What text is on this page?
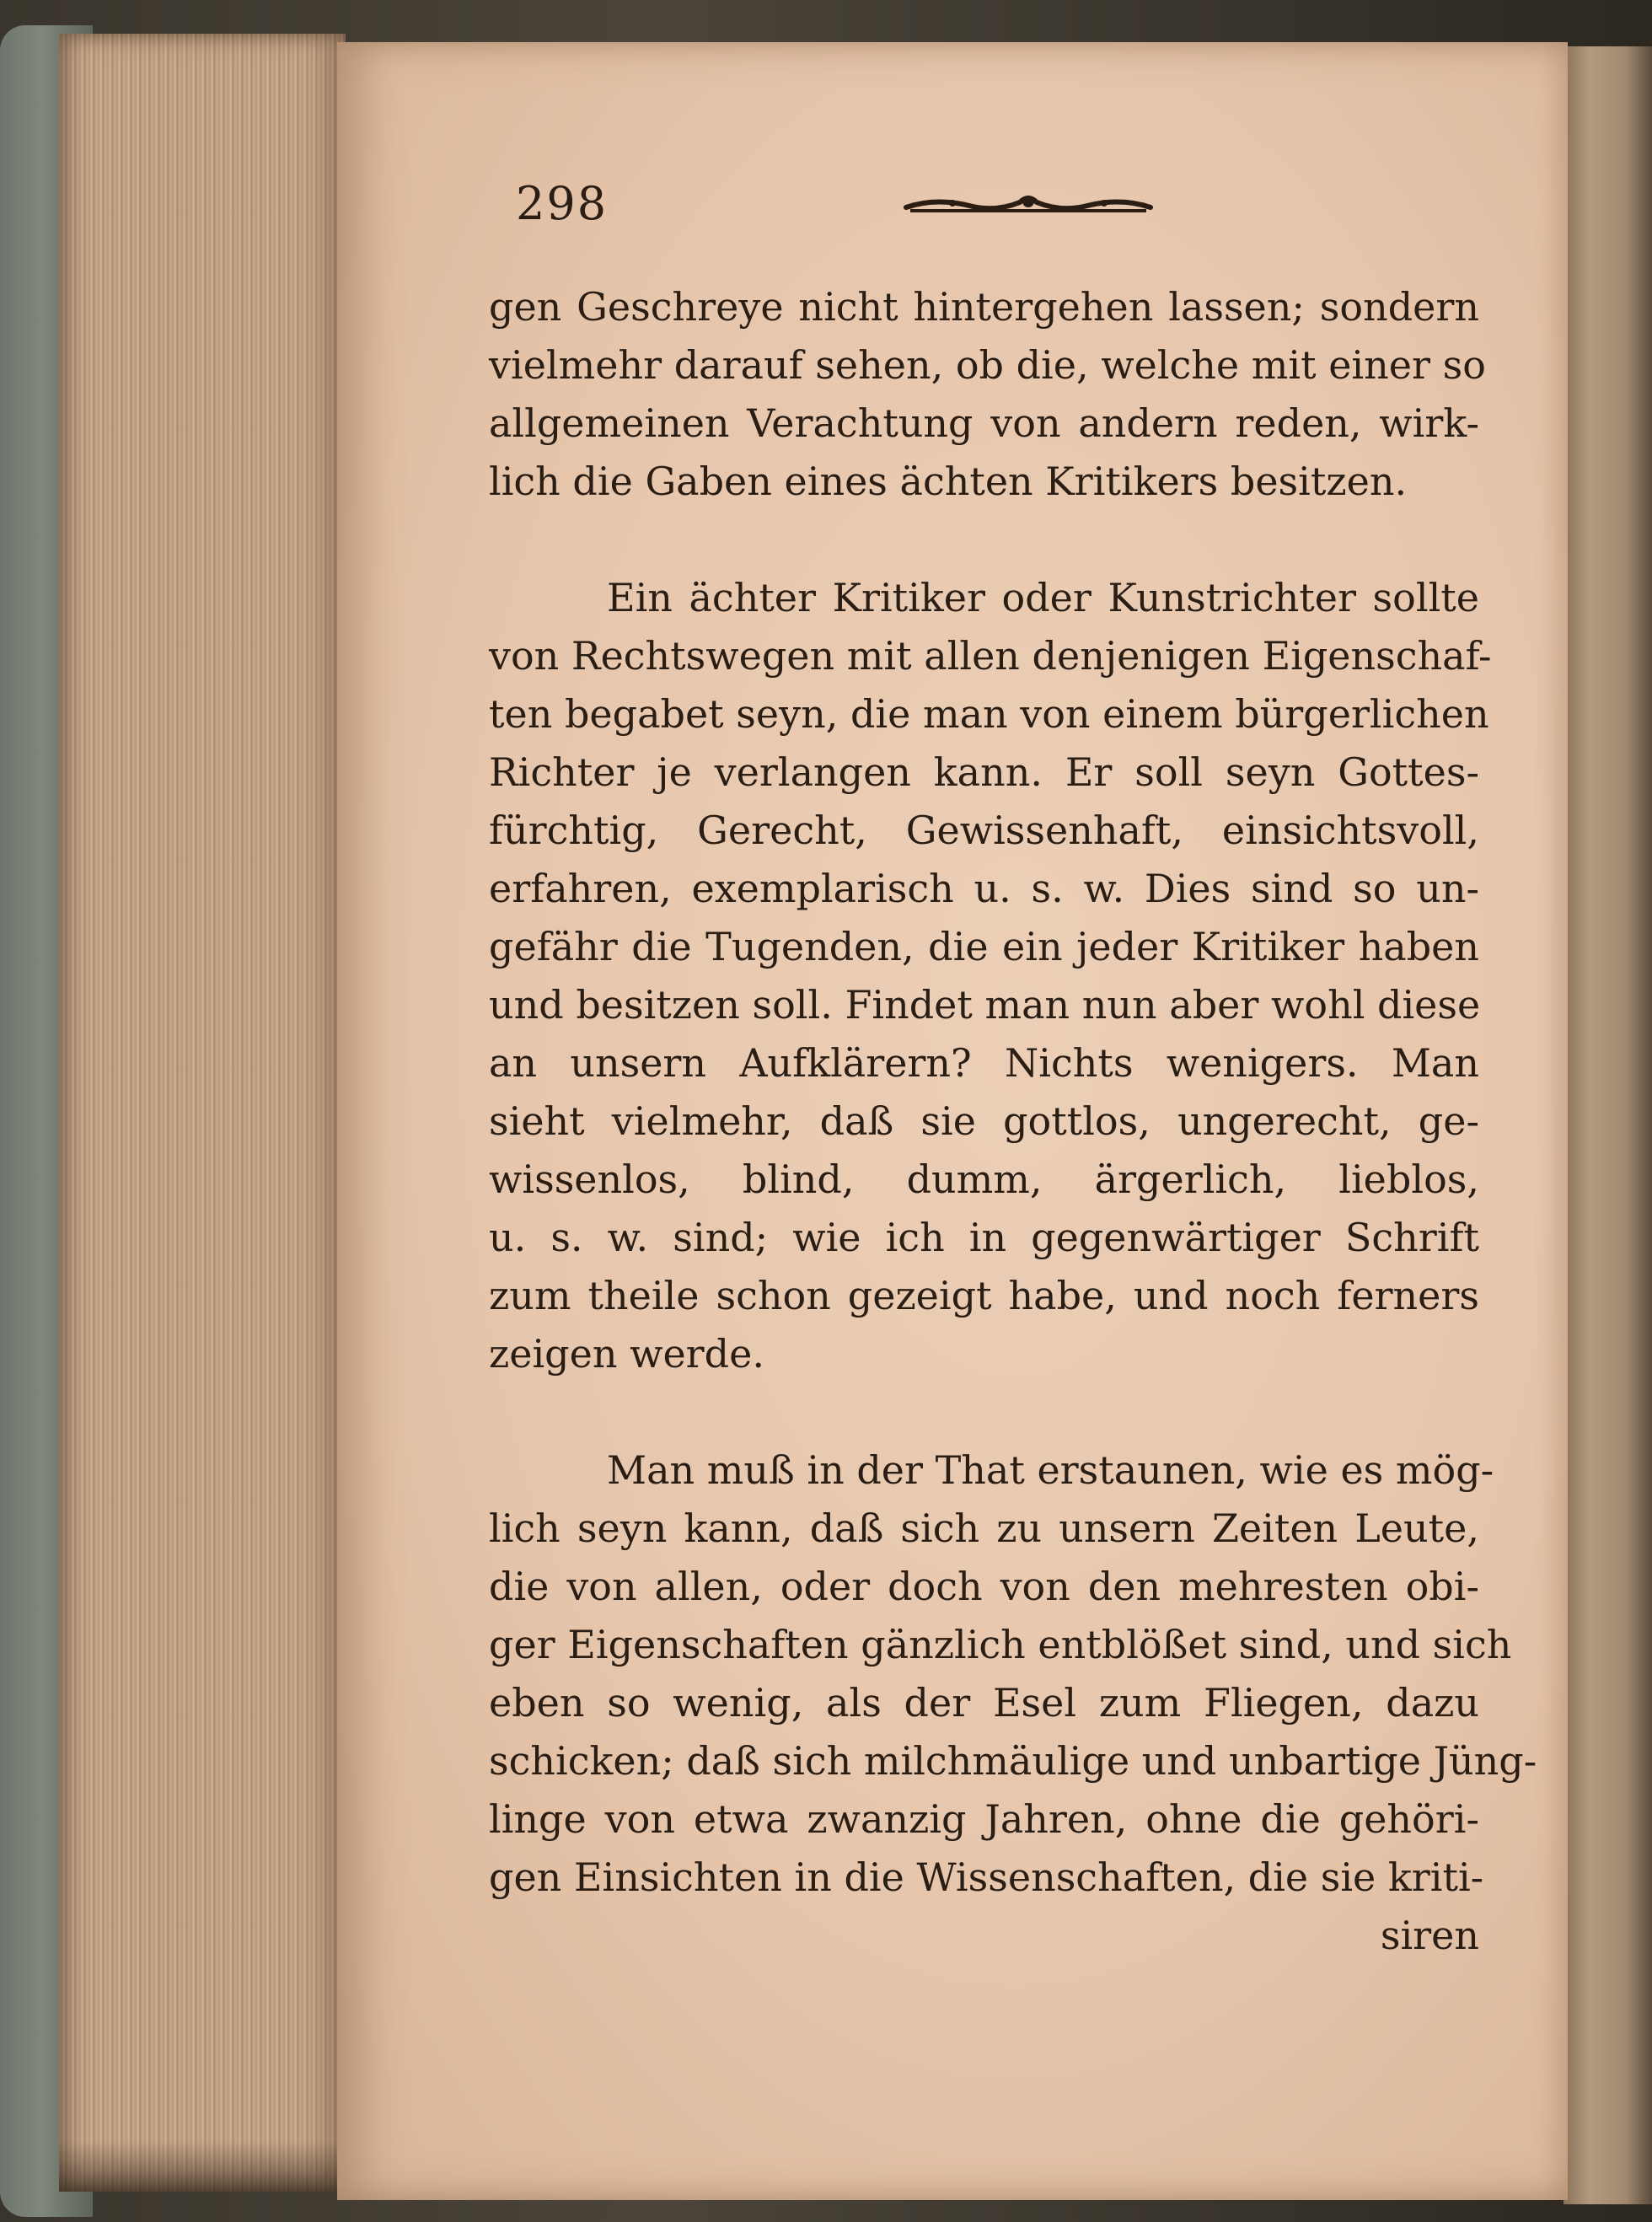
298
gen Geschreye nicht hintergehen lassen; sondern
vielmehr darauf sehen, ob die, welche mit einer so
allgemeinen Verachtung von andern reden, wirk-
lich die Gaben eines ächten Kritikers besitzen.
Ein ächter Kritiker oder Kunstrichter sollte
von Rechtswegen mit allen denjenigen Eigenschaf-
ten begabet seyn, die man von einem bürgerlichen
Richter je verlangen kann. Er soll seyn Gottes-
fürchtig, Gerecht, Gewissenhaft, einsichtsvoll,
erfahren, exemplarisch u. s. w. Dies sind so un-
gefähr die Tugenden, die ein jeder Kritiker haben
und besitzen soll. Findet man nun aber wohl diese
an unsern Aufklärern? Nichts wenigers. Man
sieht vielmehr, daß sie gottlos, ungerecht, ge-
wissenlos, blind, dumm, ärgerlich, lieblos,
u. s. w. sind; wie ich in gegenwärtiger Schrift
zum theile schon gezeigt habe, und noch ferners
zeigen werde.
Man muß in der That erstaunen, wie es mög-
lich seyn kann, daß sich zu unsern Zeiten Leute,
die von allen, oder doch von den mehresten obi-
ger Eigenschaften gänzlich entblößet sind, und sich
eben so wenig, als der Esel zum Fliegen, dazu
schicken; daß sich milchmäulige und unbartige Jüng-
linge von etwa zwanzig Jahren, ohne die gehöri-
gen Einsichten in die Wissenschaften, die sie kriti-
siren
